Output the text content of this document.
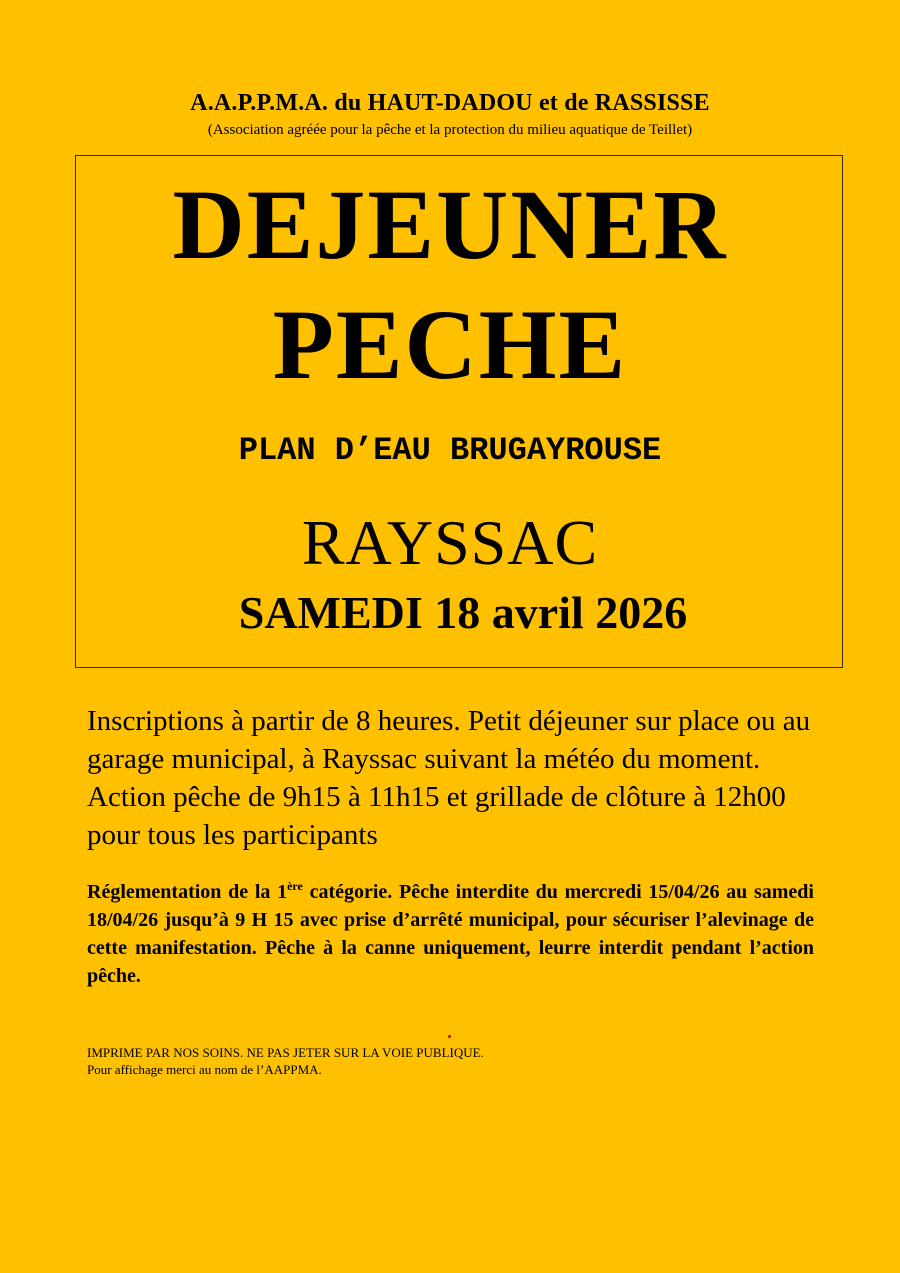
A.A.P.P.M.A. du HAUT-DADOU et de RASSISSE
(Association agréée pour la pêche et la protection du milieu aquatique de Teillet)
DEJEUNER
PECHE
PLAN D’EAU BRUGAYROUSE
RAYSSAC
SAMEDI 18 avril 2026

Inscriptions à partir de 8 heures. Petit déjeuner sur place ou au garage municipal, à Rayssac suivant la météo du moment. Action pêche de 9h15 à 11h15 et grillade de clôture à 12h00 pour tous les participants

Réglementation de la 1ère catégorie. Pêche interdite du mercredi 15/04/26 au samedi 18/04/26 jusqu’à 9 H 15 avec prise d’arrêté municipal, pour sécuriser l’alevinage de cette manifestation. Pêche à la canne uniquement, leurre interdit pendant l’action pêche.

IMPRIME PAR NOS SOINS. NE PAS JETER SUR LA VOIE PUBLIQUE.
Pour affichage merci au nom de l’AAPPMA.
